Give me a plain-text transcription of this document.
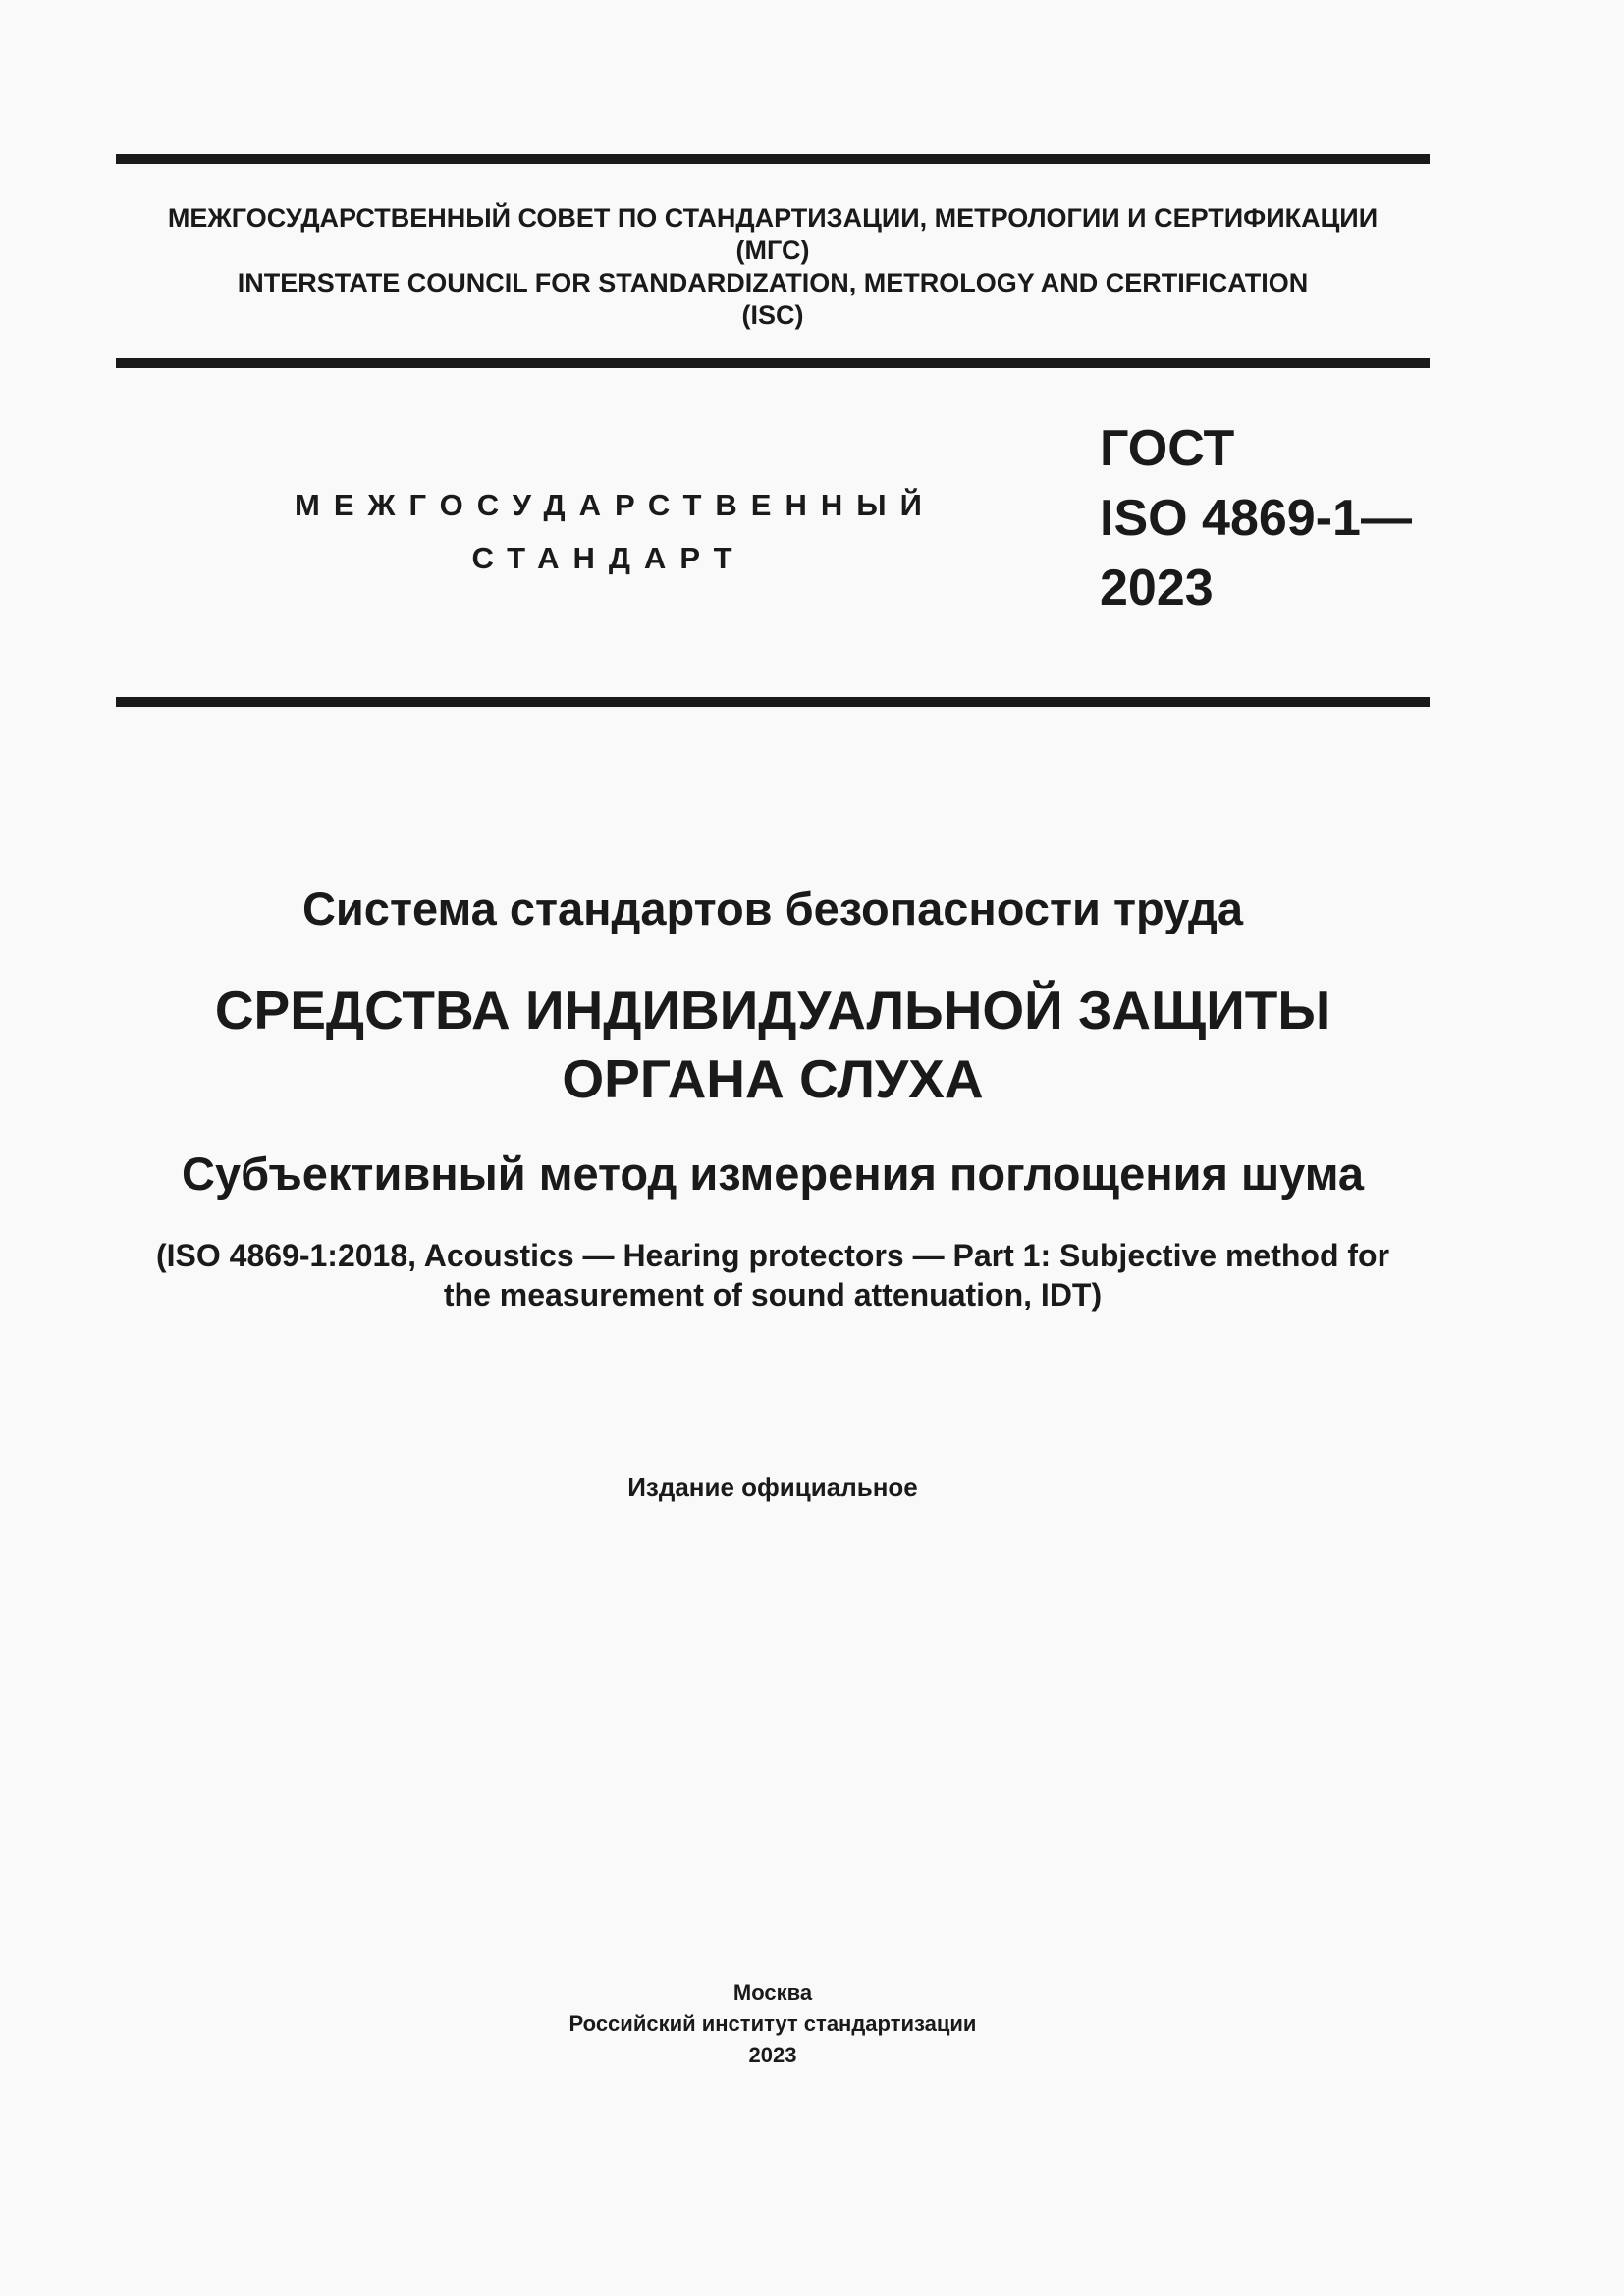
МЕЖГОСУДАРСТВЕННЫЙ СОВЕТ ПО СТАНДАРТИЗАЦИИ, МЕТРОЛОГИИ И СЕРТИФИКАЦИИ
(МГС)
INTERSTATE COUNCIL FOR STANDARDIZATION, METROLOGY AND CERTIFICATION
(ISC)
МЕЖГОСУДАРСТВЕННЫЙ
СТАНДАРТ
ГОСТ
ISO 4869-1—
2023
Система стандартов безопасности труда
СРЕДСТВА ИНДИВИДУАЛЬНОЙ ЗАЩИТЫ
ОРГАНА СЛУХА
Субъективный метод измерения поглощения шума
(ISO 4869-1:2018, Acoustics — Hearing protectors — Part 1: Subjective method for
the measurement of sound attenuation, IDT)
Издание официальное
Москва
Российский институт стандартизации
2023
